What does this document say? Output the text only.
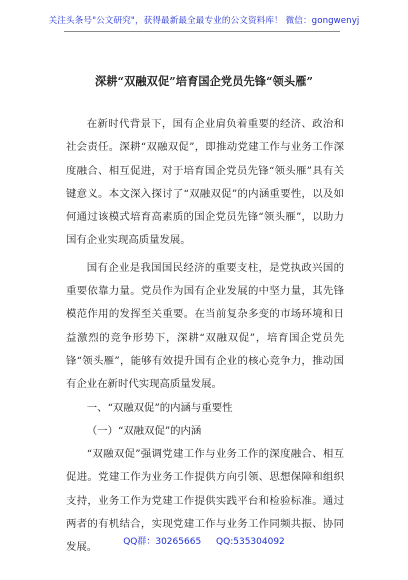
关注头条号"公文研究"，获得最新最全最专业的公文资料库！ 微信：gongwenyj
深耕“双融双促”培育国企党员先锋“领头雁”

在新时代背景下，国有企业肩负着重要的经济、政治和社会责任。深耕“双融双促”，即推动党建工作与业务工作深度融合、相互促进，对于培育国企党员先锋“领头雁”具有关键意义。本文深入探讨了“双融双促”的内涵重要性，以及如何通过该模式培育高素质的国企党员先锋“领头雁”，以助力国有企业实现高质量发展。

国有企业是我国国民经济的重要支柱，是党执政兴国的重要依靠力量。党员作为国有企业发展的中坚力量，其先锋模范作用的发挥至关重要。在当前复杂多变的市场环境和日益激烈的竞争形势下，深耕“双融双促”，培育国企党员先锋“领头雁”，能够有效提升国有企业的核心竞争力，推动国有企业在新时代实现高质量发展。

一、“双融双促”的内涵与重要性

（一）“双融双促”的内涵

“双融双促”强调党建工作与业务工作的深度融合、相互促进。党建工作为业务工作提供方向引领、思想保障和组织支持，业务工作为党建工作提供实践平台和检验标准。通过两者的有机结合，实现党建工作与业务工作同频共振、协同发展。	QQ群：30265665 QQ:535304092
